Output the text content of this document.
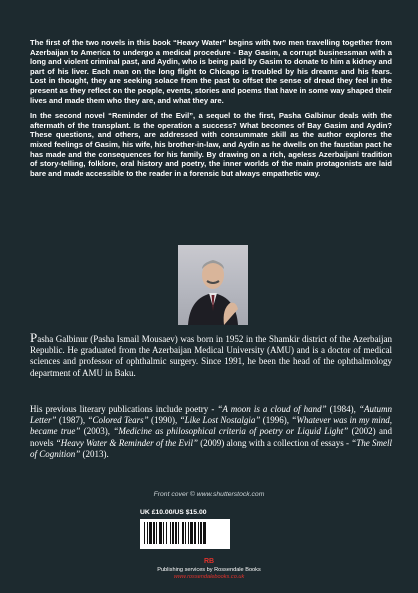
The first of the two novels in this book “Heavy Water” begins with two men travelling together from Azerbaijan to America to undergo a medical procedure - Bay Gasim, a corrupt businessman with a long and violent criminal past, and Aydin, who is being paid by Gasim to donate to him a kidney and part of his liver. Each man on the long flight to Chicago is troubled by his dreams and his fears. Lost in thought, they are seeking solace from the past to offset the sense of dread they feel in the present as they reflect on the people, events, stories and poems that have in some way shaped their lives and made them who they are, and what they are.

In the second novel “Reminder of the Evil”, a sequel to the first, Pasha Galbinur deals with the aftermath of the transplant. Is the operation a success? What becomes of Bay Gasim and Aydin? These questions, and others, are addressed with consummate skill as the author explores the mixed feelings of Gasim, his wife, his brother-in-law, and Aydin as he dwells on the faustian pact he has made and the consequences for his family. By drawing on a rich, ageless Azerbaijani tradition of story-telling, folklore, oral history and poetry, the inner worlds of the main protagonists are laid bare and made accessible to the reader in a forensic but always empathetic way.

Pasha Galbinur (Pasha Ismail Mousaev) was born in 1952 in the Shamkir district of the Azerbaijan Republic. He graduated from the Azerbaijan Medical University (AMU) and is a doctor of medical sciences and professor of ophthalmic surgery. Since 1991, he been the head of the ophthalmology department of AMU in Baku.
His previous literary publications include poetry - “A moon is a cloud of hand” (1984), “Autumn Letter” (1987), “Colored Tears” (1990), “Like Lost Nostalgia” (1996), “Whatever was in my mind, became true” (2003), “Medicine as philosophical criteria of poetry or Liquid Light” (2002) and novels “Heavy Water & Reminder of the Evil” (2009) along with a collection of essays - “The Smell of Cognition” (2013).
Front cover © www.shutterstock.com
UK £10.00/US $15.00
RB
Publishing services by Rossendale Books
www.rossendalebooks.co.uk
